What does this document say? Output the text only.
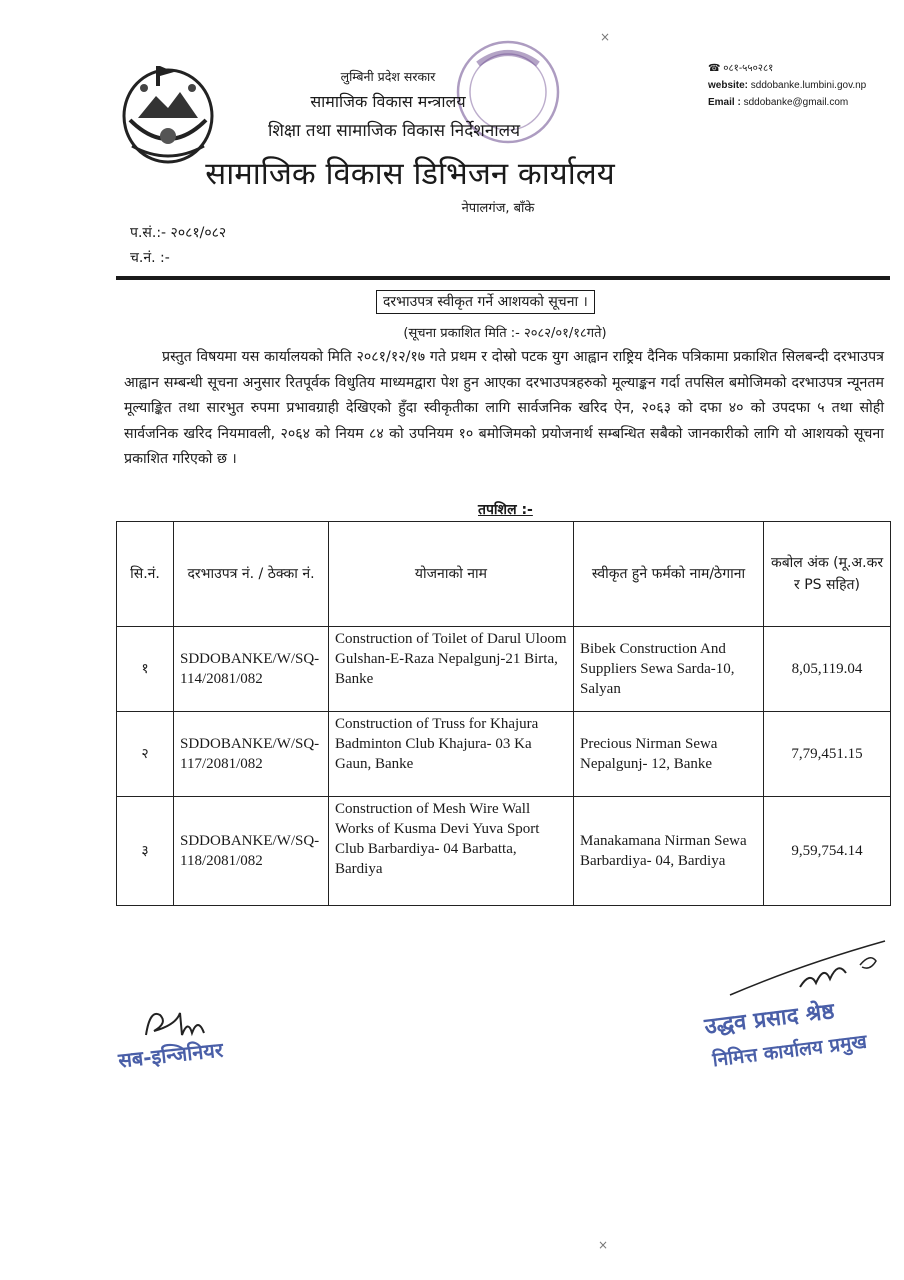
लुम्बिनी प्रदेश सरकार
सामाजिक विकास मन्त्रालय
शिक्षा तथा सामाजिक विकास निर्देशनालय
सामाजिक विकास डिभिजन कार्यालय
नेपालगंज, बाँके
☎ ०८१-५५०२८१
website: sddobanke.lumbini.gov.np
Email : sddobanke@gmail.com
प.सं.:- २०८१/०८२
च.नं. :-
दरभाउपत्र स्वीकृत गर्ने आशयको सूचना ।
(सूचना प्रकाशित मिति :- २०८२/०१/१८गते)
प्रस्तुत विषयमा यस कार्यालयको मिति २०८१/१२/१७ गते प्रथम र दोस्रो पटक युग आह्वान राष्ट्रिय दैनिक पत्रिकामा प्रकाशित सिलबन्दी दरभाउपत्र आह्वान सम्बन्धी सूचना अनुसार रितपूर्वक विधुतिय माध्यमद्वारा पेश हुन आएका दरभाउपत्रहरुको मूल्याङ्कन गर्दा तपसिल बमोजिमको दरभाउपत्र न्यूनतम मूल्याङ्कित तथा सारभुत रुपमा प्रभावग्राही देखिएको हुँदा स्वीकृतीका लागि सार्वजनिक खरिद ऐन, २०६३ को दफा ४० को उपदफा ५ तथा सोही सार्वजनिक खरिद नियमावली, २०६४ को नियम ८४ को उपनियम १० बमोजिमको प्रयोजनार्थ सम्बन्धित सबैको जानकारीको लागि यो आशयको सूचना प्रकाशित गरिएको छ ।
तपशिल :-
सि.नं.	दरभाउपत्र नं. / ठेक्का नं.	योजनाको नाम	स्वीकृत हुने फर्मको नाम/ठेगाना	कबोल अंक (मू.अ.कर र PS सहित)
१	SDDOBANKE/W/SQ-114/2081/082	Construction of Toilet of Darul Uloom Gulshan-E-Raza Nepalgunj-21 Birta, Banke	Bibek Construction And Suppliers Sewa Sarda-10, Salyan	8,05,119.04
२	SDDOBANKE/W/SQ-117/2081/082	Construction of Truss for Khajura Badminton Club Khajura- 03 Ka Gaun, Banke	Precious Nirman Sewa Nepalgunj- 12, Banke	7,79,451.15
३	SDDOBANKE/W/SQ-118/2081/082	Construction of Mesh Wire Wall Works of Kusma Devi Yuva Sport Club Barbardiya- 04 Barbatta, Bardiya	Manakamana Nirman Sewa Barbardiya- 04, Bardiya	9,59,754.14
सब-इन्जिनियर
उद्धव प्रसाद श्रेष्ठ
निमित्त कार्यालय प्रमुख
×
×
